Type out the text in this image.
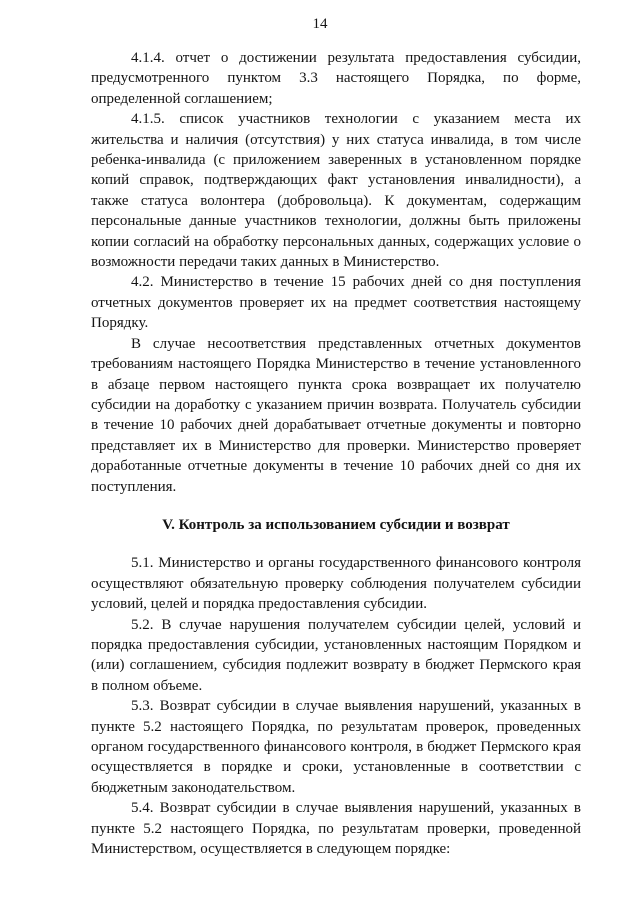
14

4.1.4. отчет о достижении результата предоставления субсидии, предусмотренного пунктом 3.3 настоящего Порядка, по форме, определенной соглашением;

4.1.5. список участников технологии с указанием места их жительства и наличия (отсутствия) у них статуса инвалида, в том числе ребенка-инвалида (с приложением заверенных в установленном порядке копий справок, подтверждающих факт установления инвалидности), а также статуса волонтера (добровольца). К документам, содержащим персональные данные участников технологии, должны быть приложены копии согласий на обработку персональных данных, содержащих условие о возможности передачи таких данных в Министерство.

4.2. Министерство в течение 15 рабочих дней со дня поступления отчетных документов проверяет их на предмет соответствия настоящему Порядку.

В случае несоответствия представленных отчетных документов требованиям настоящего Порядка Министерство в течение установленного в абзаце первом настоящего пункта срока возвращает их получателю субсидии на доработку с указанием причин возврата. Получатель субсидии в течение 10 рабочих дней дорабатывает отчетные документы и повторно представляет их в Министерство для проверки. Министерство проверяет доработанные отчетные документы в течение 10 рабочих дней со дня их поступления.

V. Контроль за использованием субсидии и возврат

5.1. Министерство и органы государственного финансового контроля осуществляют обязательную проверку соблюдения получателем субсидии условий, целей и порядка предоставления субсидии.

5.2. В случае нарушения получателем субсидии целей, условий и порядка предоставления субсидии, установленных настоящим Порядком и (или) соглашением, субсидия подлежит возврату в бюджет Пермского края в полном объеме.

5.3. Возврат субсидии в случае выявления нарушений, указанных в пункте 5.2 настоящего Порядка, по результатам проверок, проведенных органом государственного финансового контроля, в бюджет Пермского края осуществляется в порядке и сроки, установленные в соответствии с бюджетным законодательством.

5.4. Возврат субсидии в случае выявления нарушений, указанных в пункте 5.2 настоящего Порядка, по результатам проверки, проведенной Министерством, осуществляется в следующем порядке:
